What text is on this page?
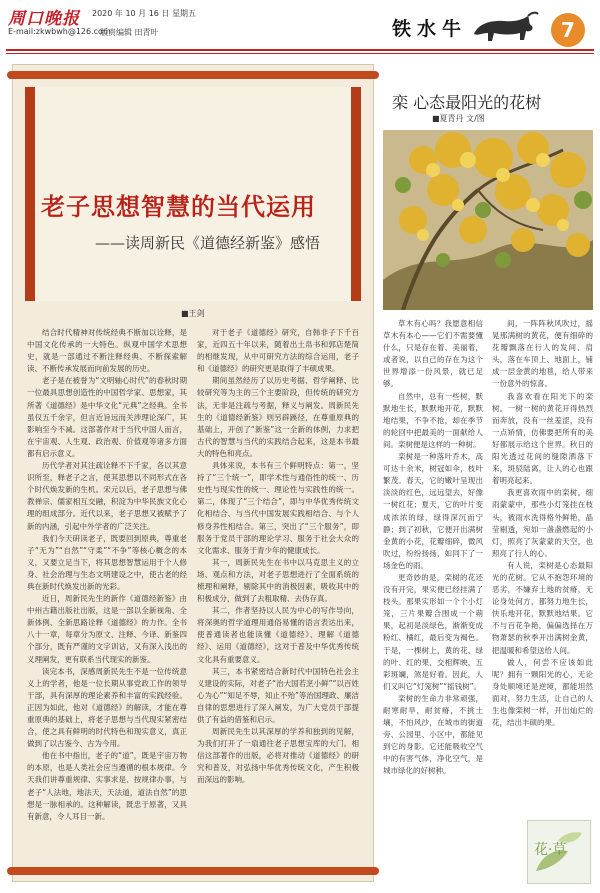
周口晚报 2020 年 10 月 16 日 星期五
E-mail:zkwbwh@126.com
版责编辑 田青叶	铁水牛	7
老子思想智慧的当代运用
——读周新民《道德经新鉴》感悟
■王剑

结合时代精神对传统经典不断加以诠释，是中国文化传承的一大特色。纵观中国学术思想史，就是一部通过不断注释经典、不断探索解读、不断传承发展而向前发展的历史。

老子是在被誉为“文明轴心时代”的春秋时期一位最具思想创造性的中国哲学家、思想家，其所著《道德经》是中华文化“元典”之经典。全书虽仅五千余字，但言近旨远而关涉理论深广，其影响至今不减。这部著作对于当代中国人而言，在宇宙观、人生观、政治观、价值观等诸多方面都有启示意义。

历代学者对其注疏诠释不下千家，各以其意识所至，释老子之言，使其思想以不同形式在各个时代焕发新的生机。宋元以后，老子思想与佛教禅宗、儒家相互交融，积淀为中华民族文化心理的组成部分。近代以来，老子思想又被赋予了新的内涵，引起中外学者的广泛关注。

我们今天研读老子，既要回到原典，尊重老子“无为”“自然”“守柔”“不争”等核心概念的本义，又要立足当下，将其思想智慧运用于个人修身、社会治理与生态文明建设之中，使古老的经典在新时代焕发出新的光彩。

近日，周新民先生的新作《道德经新鉴》由中州古籍出版社出版，这是一部以全新视角、全新体例、全新思路诠释《道德经》的力作。全书八十一章，每章分为原文、注释、今译、新鉴四个部分，既有严谨的文字训诂，又有深入浅出的义理阐发，更有联系当代现实的新鉴。

读完本书，深感周新民先生不是一位传统意义上的学者，他是一位长期从事党政工作的领导干部，具有深厚的理论素养和丰富的实践经验。正因为如此，他对《道德经》的解读，才能在尊重原典的基础上，将老子思想与当代现实紧密结合，使之具有鲜明的时代特色和现实意义，真正做到了以古鉴今、古为今用。

他在书中指出，老子的“道”，既是宇宙万物的本原，也是人类社会应当遵循的根本规律。今天我们讲尊重规律、实事求是、按规律办事，与老子“人法地，地法天，天法道，道法自然”的思想是一脉相承的。这种解读，既忠于原著，又具有新意，令人耳目一新。

对于老子《道德经》研究，自韩非子下千百家，近四五十年以来，随着出土帛书和郭店楚简的相继发现，从中可研究方法的综合运用，老子和《道德经》的研究更是取得了丰硕成果。

期间虽然经历了以历史考据、哲学阐释、比较研究等为主的三个主要阶段，但传统的研究方法，无非是注疏与考据，释义与阐发。周新民先生的《道德经新鉴》则另辟蹊径，在尊重原典的基础上，开创了“新鉴”这一全新的体例，力求把古代的智慧与当代的实践结合起来，这是本书最大的特色和亮点。

具体来说，本书有三个鲜明特点：第一，坚持了“三个统一”，即学术性与通俗性的统一、历史性与现实性的统一、理论性与实践性的统一。第二，体现了“三个结合”，即与中华优秀传统文化相结合、与当代中国发展实践相结合、与个人修身养性相结合。第三，突出了“三个服务”，即服务于党员干部的理论学习、服务于社会大众的文化需求、服务于青少年的健康成长。

其一，周新民先生在书中以马克思主义的立场、观点和方法，对老子思想进行了全面系统的梳理和阐释，剔除其中的消极因素，吸收其中的积极成分，做到了去粗取精、去伪存真。

其二，作者坚持以人民为中心的写作导向，将深奥的哲学道理用通俗易懂的语言表达出来，使普通读者也能读懂《道德经》、理解《道德经》、运用《道德经》，这对于普及中华优秀传统文化具有重要意义。

其三，本书紧密结合新时代中国特色社会主义建设的实际，对老子“治大国若烹小鲜”“以百姓心为心”“知足不辱，知止不殆”等治国理政、廉洁自律的思想进行了深入阐发，为广大党员干部提供了有益的借鉴和启示。

周新民先生以其深厚的学养和独到的见解，为我们打开了一扇通往老子思想宝库的大门。相信这部著作的出版，必将对推动《道德经》的研究和普及，对弘扬中华优秀传统文化，产生积极而深远的影响。

栾 心态最阳光的花树
■夏青丹 文/图

草木有心吗？我愿意相信草木有本心——它们不需要懂什么，只是存在着、美丽着，或者说，以自己的存在为这个世界增添一份风景，就已足够。

自然中，总有一些树，默默地生长，默默地开花，默默地结果，不争不抢，却在季节的轮回中把最美的一面献给人间。栾树便是这样的一种树。

栾树是一种落叶乔木，高可达十余米，树冠如伞，枝叶繁茂。春天，它的嫩叶呈现出淡淡的红色，远远望去，好像一树红花；夏天，它的叶片变成浓浓的绿，绿得深沉而宁静；到了初秋，它便开出满树金黄的小花，花瓣细碎，微风吹过，纷纷扬扬，如同下了一场金色的雨。

更奇妙的是，栾树的花还没有开完，果实便已经挂满了枝头。那果实形如一个个小灯笼，三片果瓣合围成一个蒴果，起初是淡绿色，渐渐变成粉红、橘红，最后变为褐色。于是，一棵树上，黄的花、绿的叶、红的果，交相辉映，五彩斑斓，煞是好看。因此，人们又叫它“灯笼树”“摇钱树”。

栾树的生命力非常顽强，耐寒耐旱，耐贫瘠，不挑土壤，不怕风沙，在城市的街道旁、公园里、小区中，都能见到它的身影。它还能吸收空气中的有害气体，净化空气，是城市绿化的好树种。

间，一阵阵秋风吹过，摇晃那满树的黄花，便有细碎的花瓣飘落在行人的发间、肩头，落在车顶上、地面上，铺成一层金黄的地毯，给人带来一份意外的惊喜。

我喜欢看在阳光下的栾树。一树一树的黄花开得热烈而奔放，没有一丝羞涩，没有一点矫情，仿佛要把所有的美好都展示给这个世界。秋日的阳光透过花间的缝隙洒落下来，斑驳陆离，让人的心也跟着明亮起来。

我更喜欢雨中的栾树。细雨蒙蒙中，那些小灯笼挂在枝头，被雨水洗得格外鲜艳，晶莹剔透，宛如一盏盏燃起的小灯，照亮了灰蒙蒙的天空，也照亮了行人的心。

有人说，栾树是心态最阳光的花树。它从不抱怨环境的恶劣，不嫌弃土地的贫瘠，无论身处何方，都努力地生长，快乐地开花，默默地结果。它不与百花争艳，偏偏选择在万物萧瑟的秋季开出满树金黄，把温暖和希望送给人间。

做人，何尝不应该如此呢？拥有一颗阳光的心，无论身处顺境还是逆境，都能坦然面对，努力生活，让自己的人生也像栾树一样，开出灿烂的花，结出丰硕的果。

花·草
